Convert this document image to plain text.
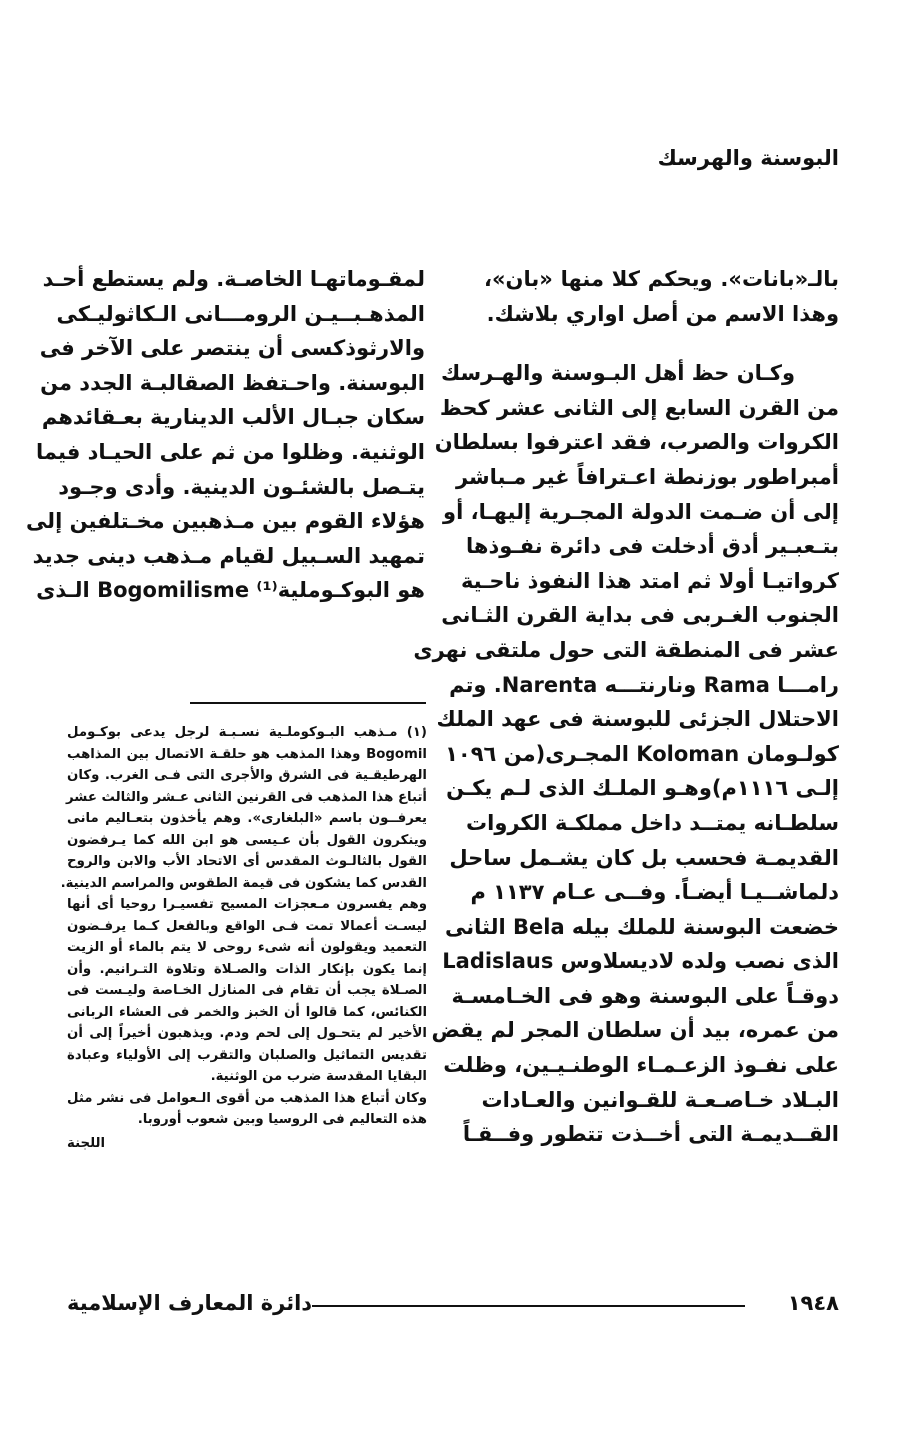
البوسنة والهرسك
بالـ«بانات». ويحكم كلا منها «بان»،
وهذا الاسم من أصل اواري بلاشك.
وكـان حظ أهل البـوسنة والهـرسك
من القرن السابع إلى الثانى عشر كحظ
الكروات والصرب، فقد اعترفوا بسلطان
أمبراطور بوزنطة اعـترافاً غير مـباشر
إلى أن ضـمت الدولة المجـرية إليهـا، أو
بتـعبـير أدق أدخلت فى دائرة نفـوذها
كرواتيـا أولا ثم امتد هذا النفوذ ناحـية
الجنوب الغـربى فى بداية القرن الثـانى
عشر فى المنطقة التى حول ملتقى نهرى
رامـــا Rama ونارنتـــه Narenta. وتم
الاحتلال الجزئى للبوسنة فى عهد الملك
كولـومان Koloman المجـرى(من ١٠٩٦
إلـى ١١١٦م)وهـو الملـك الذى لـم يكـن
سلطـانه يمتــد داخل مملكـة الكروات
القديمـة فحسب بل كان يشـمل ساحل
دلماشــيـا أيضـاً. وفــى عـام ١١٣٧ م
خضعت البوسنة للملك بيله Bela الثانى
الذى نصب ولده لاديسلاوس Ladislaus
دوقـاً على البوسنة وهو فى الخـامسـة
من عمره، بيد أن سلطان المجر لم يقض
على نفـوذ الزعـمـاء الوطنـيـين، وظلت
البـلاد خـاصـعـة للقـوانين والعـادات
القــديمـة التى أخــذت تتطور وفــقـاً
لمقـوماتهـا الخاصـة. ولم يستطع أحـد
المذهـبــيـن الرومـــانى الـكاثوليـكى
والارثوذكسى أن ينتصر على الآخر فى
البوسنة. واحـتفظ الصقالبـة الجدد من
سكان جبـال الألب الدينارية بعـقائدهم
الوثنية. وظلوا من ثم على الحيـاد فيما
يتـصل بالشئـون الدينية. وأدى وجـود
هؤلاء القوم بين مـذهبين مخـتلفين إلى
تمهيد السـبيل لقيام مـذهب دينى جديد
هو البوكـوملية⁽¹⁾ Bogomilisme الـذى
(١) مـذهب البـوكوملـية نسـبـة لرجل يدعى بوكـومل
Bogomil وهذا المذهب هو حلقـة الاتصال بين المذاهب
الهرطيقـية فى الشرق والأجرى التى فـى الغرب. وكان
أتباع هذا المذهب فى القرنين الثانى عـشر والثالث عشر
يعرفــون باسم «البلغارى». وهم يأخذون بتعـاليم مانى
وينكرون القول بأن عـيسى هو ابن الله كما يـرفضون
القول بالثالـوث المقدس أى الاتحاد الأب والابن والروح
القدس كما يشكون فى قيمة الطقوس والمراسم الدينية.
وهم يفسرون مـعجزات المسيح تفسيـرا روحيا أى أنها
ليسـت أعمالا تمت فـى الواقع وبالفعل كـما يرفـضون
التعميد ويقولون أنه شىء روحى لا يتم بالماء أو الزيت
إنما يكون بإنكار الذات والصـلاة وتلاوة التـرانيم. وأن
الصـلاة يجب أن تقام فى المنازل الخـاصة وليـست فى
الكنائس، كما قالوا أن الخبز والخمر فى العشاء الربانى
الأخير لم يتحـول إلى لحم ودم. ويذهبون أخيراً إلى أن
تقديس التماثيل والصلبان والتقرب إلى الأولياء وعبادة
البقايا المقدسة ضرب من الوثنية.
وكان أتباع هذا المذهب من أقوى الـعوامل فى نشر مثل
هذه التعاليم فى الروسيا وبين شعوب أوروبا.
اللجنة
١٩٤٨
دائرة المعارف الإسلامية
